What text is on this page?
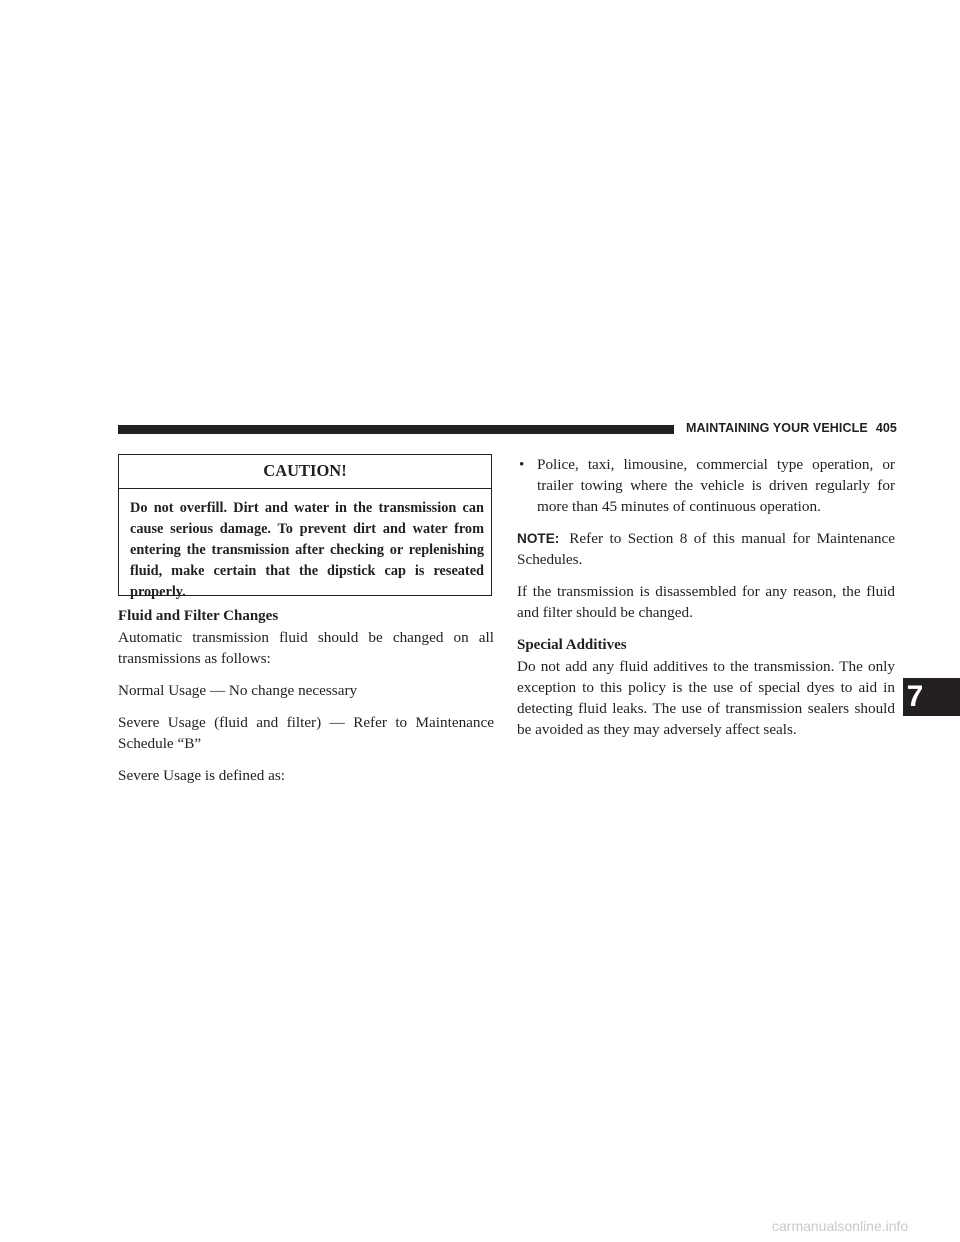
MAINTAINING YOUR VEHICLE 405
CAUTION!
Do not overfill. Dirt and water in the transmission can cause serious damage. To prevent dirt and water from entering the transmission after checking or replenishing fluid, make certain that the dipstick cap is reseated properly.
Fluid and Filter Changes

Automatic transmission fluid should be changed on all transmissions as follows:

Normal Usage — No change necessary

Severe Usage (fluid and filter) — Refer to Maintenance Schedule “B”

Severe Usage is defined as:

• Police, taxi, limousine, commercial type operation, or trailer towing where the vehicle is driven regularly for more than 45 minutes of continuous operation.

NOTE: Refer to Section 8 of this manual for Maintenance Schedules.

If the transmission is disassembled for any reason, the fluid and filter should be changed.

Special Additives

Do not add any fluid additives to the transmission. The only exception to this policy is the use of special dyes to aid in detecting fluid leaks. The use of transmission sealers should be avoided as they may adversely affect seals.

7
carmanualsonline.info
